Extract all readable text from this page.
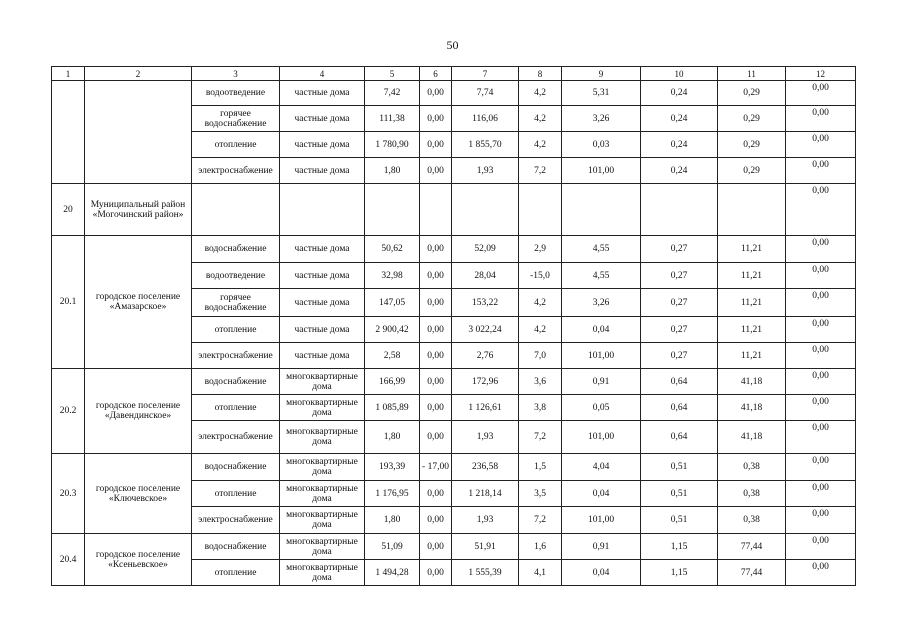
50
1	2	3	4	5	6	7	8	9	10	11	12
		водоотведение	частные дома	7,42	0,00	7,74	4,2	5,31	0,24	0,29	0,00
		горячее водоснабжение	частные дома	111,38	0,00	116,06	4,2	3,26	0,24	0,29	0,00
		отопление	частные дома	1 780,90	0,00	1 855,70	4,2	0,03	0,24	0,29	0,00
		электроснабжение	частные дома	1,80	0,00	1,93	7,2	101,00	0,24	0,29	0,00
20	Муниципальный район «Могочинский район»										0,00
20.1	городское поселение «Амазарское»	водоснабжение	частные дома	50,62	0,00	52,09	2,9	4,55	0,27	11,21	0,00
		водоотведение	частные дома	32,98	0,00	28,04	-15,0	4,55	0,27	11,21	0,00
		горячее водоснабжение	частные дома	147,05	0,00	153,22	4,2	3,26	0,27	11,21	0,00
		отопление	частные дома	2 900,42	0,00	3 022,24	4,2	0,04	0,27	11,21	0,00
		электроснабжение	частные дома	2,58	0,00	2,76	7,0	101,00	0,27	11,21	0,00
20.2	городское поселение «Давендинское»	водоснабжение	многоквартирные дома	166,99	0,00	172,96	3,6	0,91	0,64	41,18	0,00
		отопление	многоквартирные дома	1 085,89	0,00	1 126,61	3,8	0,05	0,64	41,18	0,00
		электроснабжение	многоквартирные дома	1,80	0,00	1,93	7,2	101,00	0,64	41,18	0,00
20.3	городское поселение «Ключевское»	водоснабжение	многоквартирные дома	193,39	- 17,00	236,58	1,5	4,04	0,51	0,38	0,00
		отопление	многоквартирные дома	1 176,95	0,00	1 218,14	3,5	0,04	0,51	0,38	0,00
		электроснабжение	многоквартирные дома	1,80	0,00	1,93	7,2	101,00	0,51	0,38	0,00
20.4	городское поселение «Ксеньевское»	водоснабжение	многоквартирные дома	51,09	0,00	51,91	1,6	0,91	1,15	77,44	0,00
		отопление	многоквартирные дома	1 494,28	0,00	1 555,39	4,1	0,04	1,15	77,44	0,00
